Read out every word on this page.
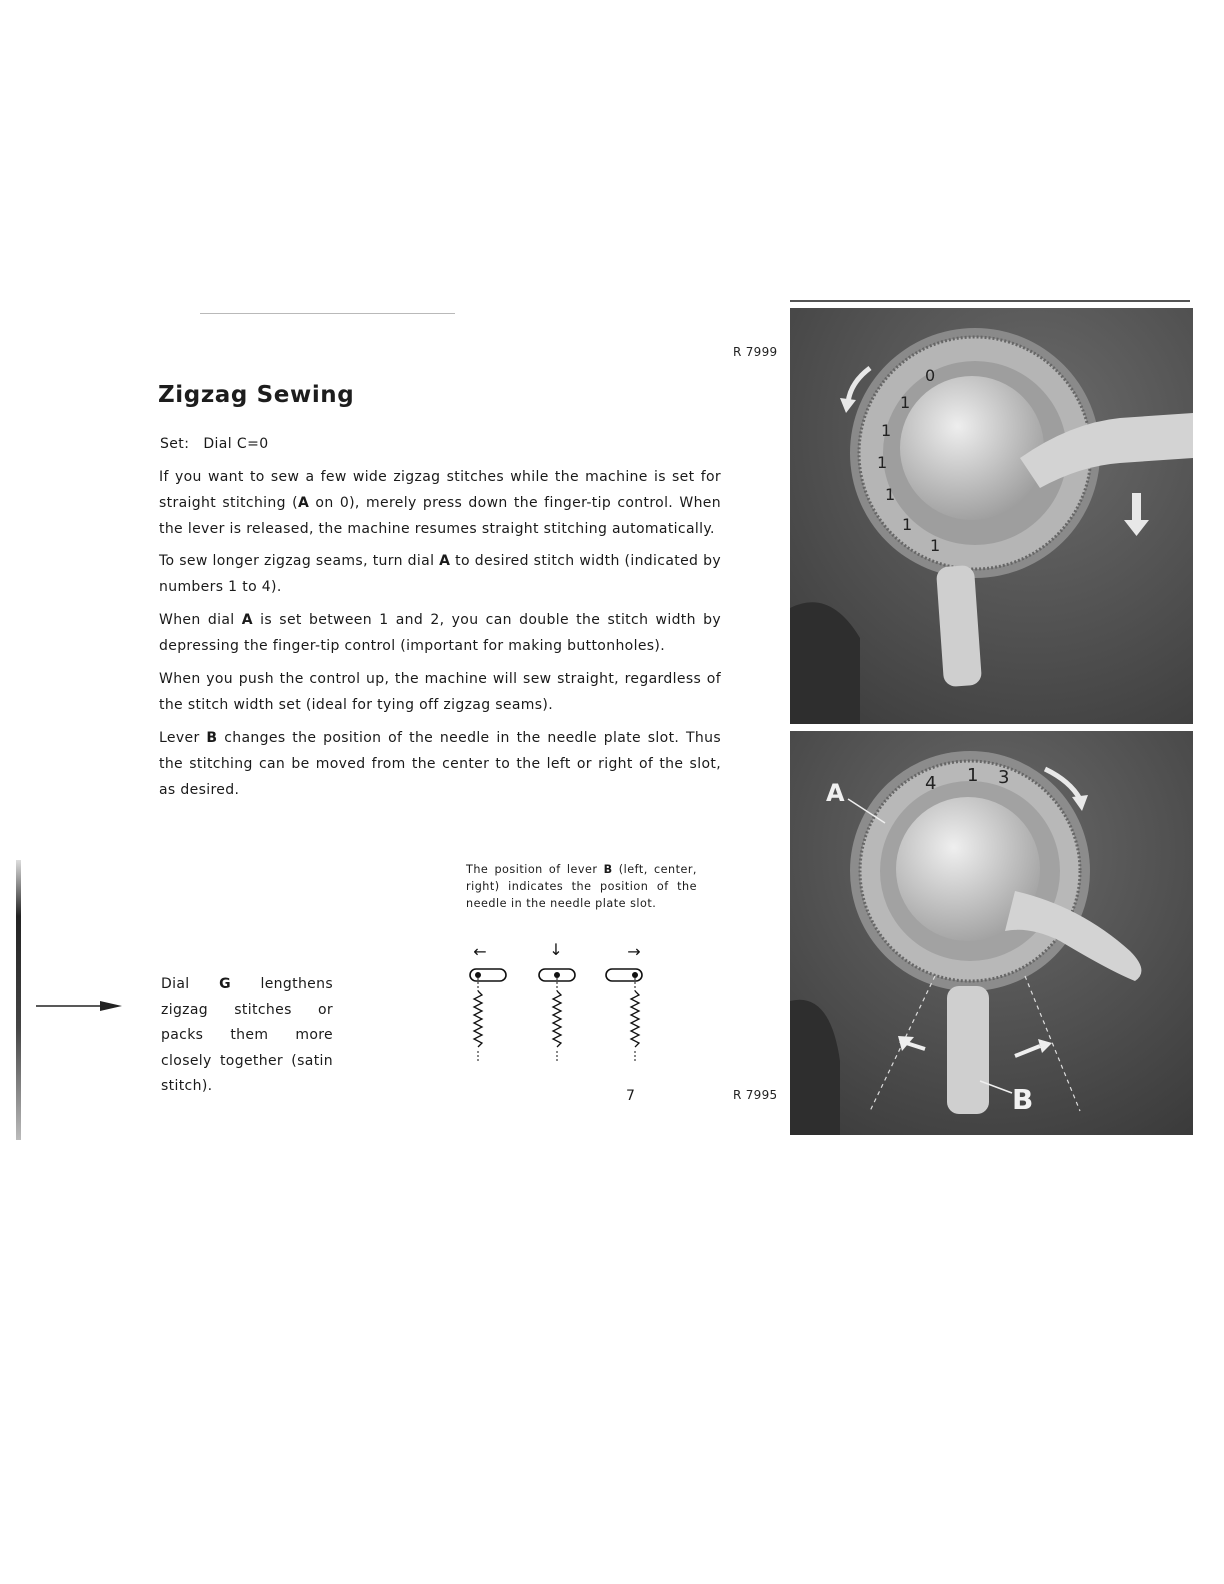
R 7999
R 7995
Zigzag Sewing
Set: Dial C=0

If you want to sew a few wide zigzag stitches while the machine is set for straight stitching (A on 0), merely press down the finger-tip control. When the lever is released, the machine resumes straight stitching automatically.

To sew longer zigzag seams, turn dial A to desired stitch width (indicated by numbers 1 to 4).

When dial A is set between 1 and 2, you can double the stitch width by depressing the finger-tip control (important for making buttonholes).

When you push the control up, the machine will sew straight, regardless of the stitch width set (ideal for tying off zigzag seams).

Lever B changes the position of the needle in the needle plate slot. Thus the stitching can be moved from the center to the left or right of the slot, as desired.

The position of lever B (left, center, right) indicates the position of the needle in the needle plate slot.

Dial G lengthens zigzag stitches or packs them more closely together (satin stitch).

←	↓	→
7
0
1
1
1
1
1
1
4 1 3
A
B
